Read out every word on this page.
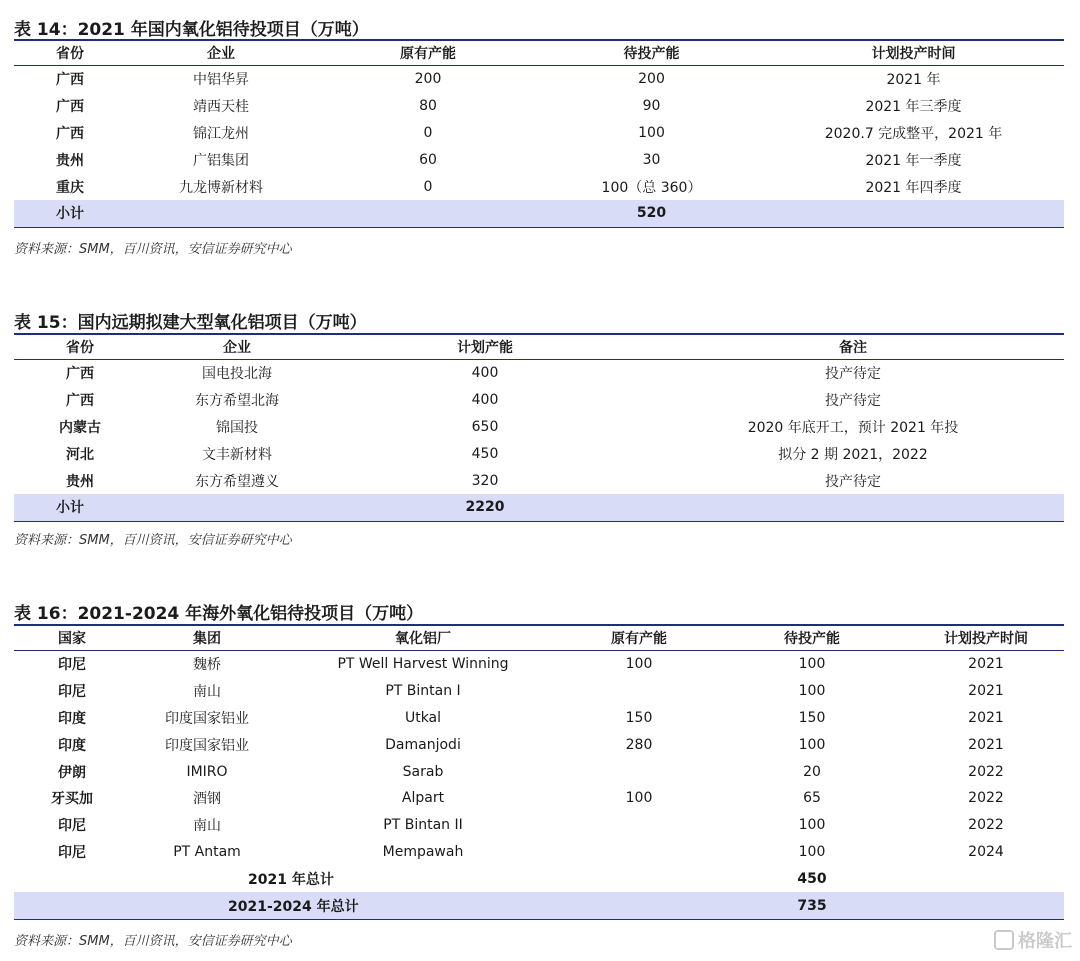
表 14：2021 年国内氧化铝待投项目（万吨）
省份	企业	原有产能	待投产能	计划投产时间
广西	中铝华昇	200	200	2021 年
广西	靖西天桂	80	90	2021 年三季度
广西	锦江龙州	0	100	2020.7 完成整平，2021 年
贵州	广铝集团	60	30	2021 年一季度
重庆	九龙博新材料	0	100（总 360）	2021 年四季度
小计			520	
资料来源：SMM，百川资讯，安信证券研究中心
表 15：国内远期拟建大型氧化铝项目（万吨）
省份	企业	计划产能	备注
广西	国电投北海	400	投产待定
广西	东方希望北海	400	投产待定
内蒙古	锦国投	650	2020 年底开工，预计 2021 年投
河北	文丰新材料	450	拟分 2 期 2021，2022
贵州	东方希望遵义	320	投产待定
小计		2220	
资料来源：SMM，百川资讯，安信证券研究中心
表 16：2021-2024 年海外氧化铝待投项目（万吨）
国家	集团	氧化铝厂	原有产能	待投产能	计划投产时间
印尼	魏桥	PT Well Harvest Winning	100	100	2021
印尼	南山	PT Bintan I		100	2021
印度	印度国家铝业	Utkal	150	150	2021
印度	印度国家铝业	Damanjodi	280	100	2021
伊朗	IMIRO	Sarab		20	2022
牙买加	酒钢	Alpart	100	65	2022
印尼	南山	PT Bintan II		100	2022
印尼	PT Antam	Mempawah		100	2024
2021 年总计				450	
2021-2024 年总计				735	
资料来源：SMM，百川资讯，安信证券研究中心	格隆汇
